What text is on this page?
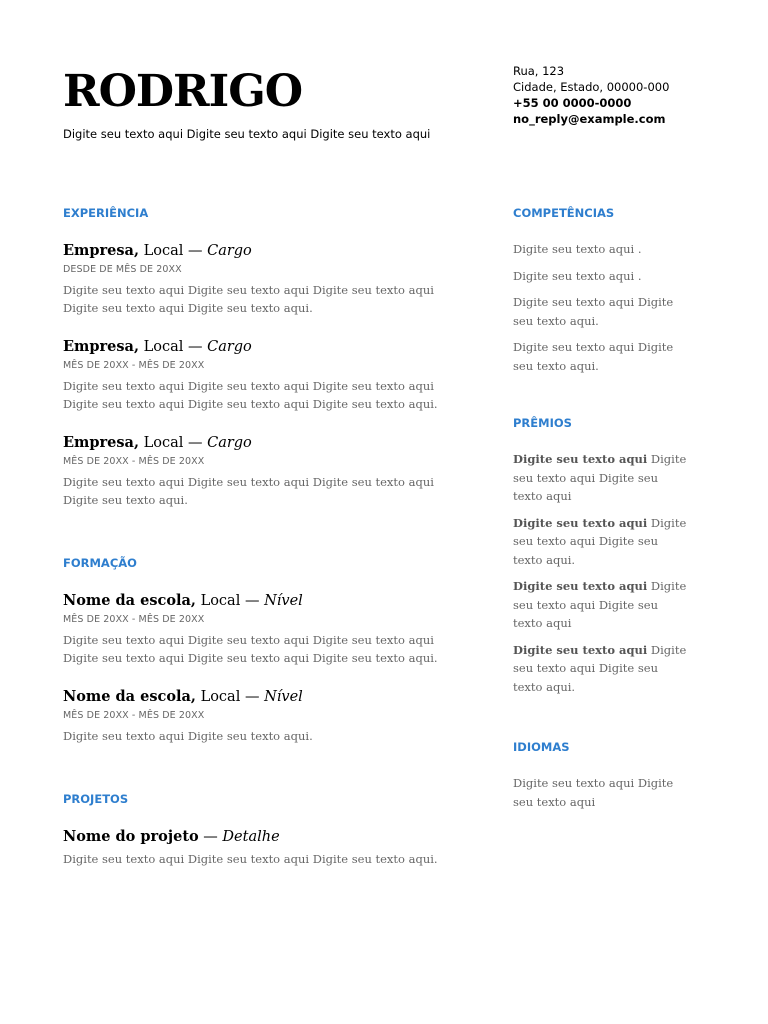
RODRIGO
Digite seu texto aqui Digite seu texto aqui Digite seu texto aqui
Rua, 123
Cidade, Estado, 00000-000
+55 00 0000-0000
no_reply@example.com
EXPERIÊNCIA
Empresa, Local — Cargo
DESDE DE MÊS DE 20XX
Digite seu texto aqui Digite seu texto aqui Digite seu texto aqui Digite seu texto aqui Digite seu texto aqui.
Empresa, Local — Cargo
MÊS DE 20XX - MÊS DE 20XX
Digite seu texto aqui Digite seu texto aqui Digite seu texto aqui Digite seu texto aqui Digite seu texto aqui Digite seu texto aqui.
Empresa, Local — Cargo
MÊS DE 20XX - MÊS DE 20XX
Digite seu texto aqui Digite seu texto aqui Digite seu texto aqui Digite seu texto aqui.
FORMAÇÃO
Nome da escola, Local — Nível
MÊS DE 20XX - MÊS DE 20XX
Digite seu texto aqui Digite seu texto aqui Digite seu texto aqui Digite seu texto aqui Digite seu texto aqui Digite seu texto aqui.
Nome da escola, Local — Nível
MÊS DE 20XX - MÊS DE 20XX
Digite seu texto aqui Digite seu texto aqui.
PROJETOS
Nome do projeto — Detalhe
Digite seu texto aqui Digite seu texto aqui Digite seu texto aqui.
COMPETÊNCIAS
Digite seu texto aqui .
Digite seu texto aqui .
Digite seu texto aqui Digite seu texto aqui.
Digite seu texto aqui Digite seu texto aqui.
PRÊMIOS
Digite seu texto aqui Digite seu texto aqui Digite seu texto aqui
Digite seu texto aqui Digite seu texto aqui Digite seu texto aqui.
Digite seu texto aqui Digite seu texto aqui Digite seu texto aqui
Digite seu texto aqui Digite seu texto aqui Digite seu texto aqui.
IDIOMAS
Digite seu texto aqui Digite seu texto aqui
